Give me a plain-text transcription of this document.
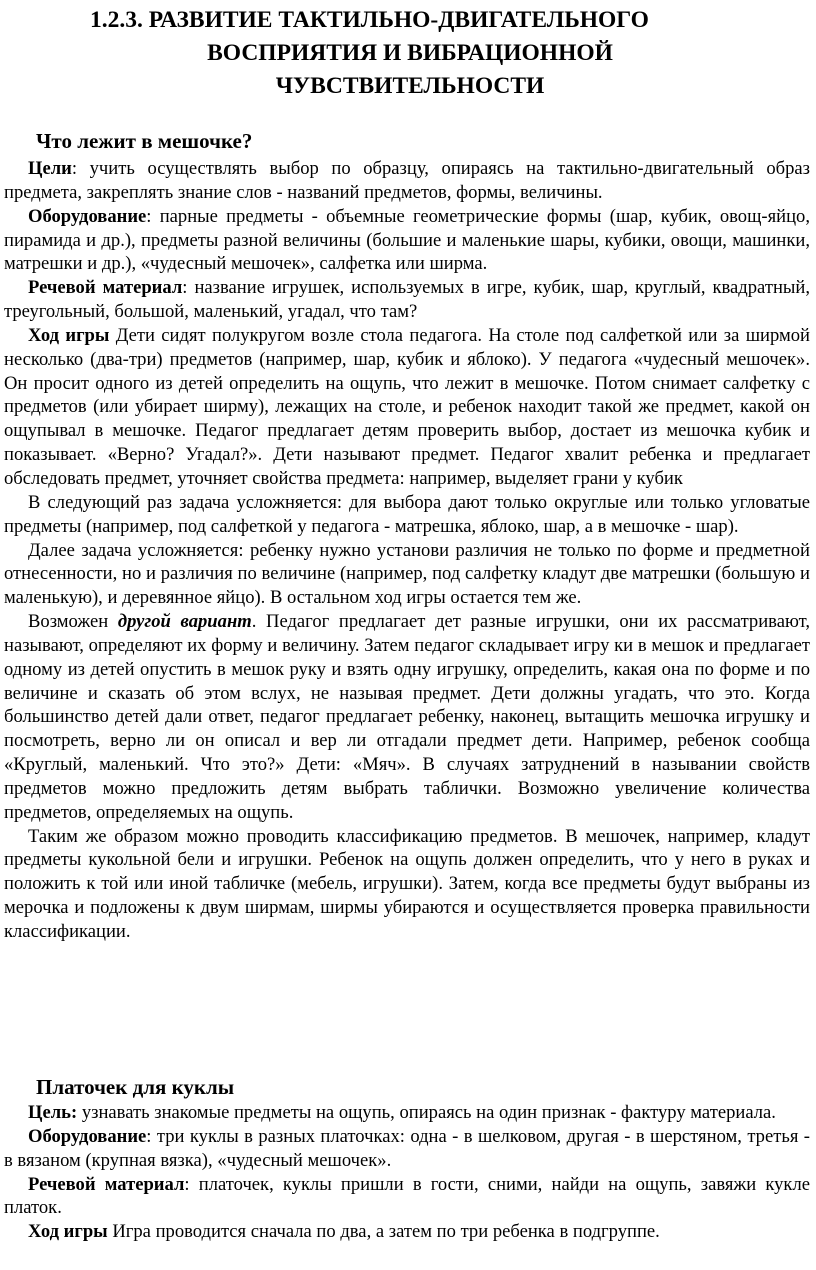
1.2.3. РАЗВИТИЕ ТАКТИЛЬНО-ДВИГАТЕЛЬНОГО
ВОСПРИЯТИЯ И ВИБРАЦИОННОЙ
ЧУВСТВИТЕЛЬНОСТИ
Что лежит в мешочке?

Цели: учить осуществлять выбор по образцу, опираясь на тактильно-двигательный образ предмета, закреплять знание слов - названий предметов, формы, величины.

Оборудование: парные предметы - объемные геометрические формы (шар, кубик, овощ-яйцо, пирамида и др.), предметы разной величины (большие и маленькие шары, кубики, овощи, машинки, матрешки и др.), «чудесный мешочек», салфетка или ширма.

Речевой материал: название игрушек, используемых в игре, кубик, шар, круглый, квадратный, треугольный, большой, маленький, угадал, что там?

Ход игры Дети сидят полукругом возле стола педагога. На столе под салфеткой или за ширмой несколько (два-три) предметов (например, шар, кубик и яблоко). У педагога «чудесный мешочек». Он просит одного из детей определить на ощупь, что лежит в мешочке. Потом снимает салфетку с предметов (или убирает ширму), лежащих на столе, и ребенок находит такой же предмет, какой он ощупывал в мешочке. Педагог предлагает детям проверить выбор, достает из мешочка кубик и показывает. «Верно? Угадал?». Дети называют предмет. Педагог хвалит ребенка и предлагает обследовать предмет, уточняет свойства предмета: например, выделяет грани у кубик

В следующий раз задача усложняется: для выбора дают только округлые или только угловатые предметы (например, под салфеткой у педагога - матрешка, яблоко, шар, а в мешочке - шар).

Далее задача усложняется: ребенку нужно установи различия не только по форме и предметной отнесенности, но и различия по величине (например, под салфетку кладут две матрешки (большую и маленькую), и деревянное яйцо). В остальном ход игры остается тем же.

Возможен другой вариант. Педагог предлагает дет разные игрушки, они их рассматривают, называют, определяют их форму и величину. Затем педагог складывает игру ки в мешок и предлагает одному из детей опустить в мешок руку и взять одну игрушку, определить, какая она по форме и по величине и сказать об этом вслух, не называя предмет. Дети должны угадать, что это. Когда большинство детей дали ответ, педагог предлагает ребенку, наконец, вытащить мешочка игрушку и посмотреть, верно ли он описал и вер ли отгадали предмет дети. Например, ребенок сообща «Круглый, маленький. Что это?» Дети: «Мяч». В случаях затруднений в назывании свойств предметов можно предложить детям выбрать таблички. Возможно увеличение количества предметов, определяемых на ощупь.

Таким же образом можно проводить классификацию предметов. В мешочек, например, кладут предметы кукольной бели и игрушки. Ребенок на ощупь должен определить, что у него в руках и положить к той или иной табличке (мебель, игрушки). Затем, когда все предметы будут выбраны из мерочка и подложены к двум ширмам, ширмы убираются и осуществляется проверка правильности классификации.

Платочек для куклы

Цель: узнавать знакомые предметы на ощупь, опираясь на один признак - фактуру материала.

Оборудование: три куклы в разных платочках: одна - в шелковом, другая - в шерстяном, третья - в вязаном (крупная вязка), «чудесный мешочек».

Речевой материал: платочек, куклы пришли в гости, сними, найди на ощупь, завяжи кукле платок.

Ход игры Игра проводится сначала по два, а затем по три ребенка в подгруппе.
